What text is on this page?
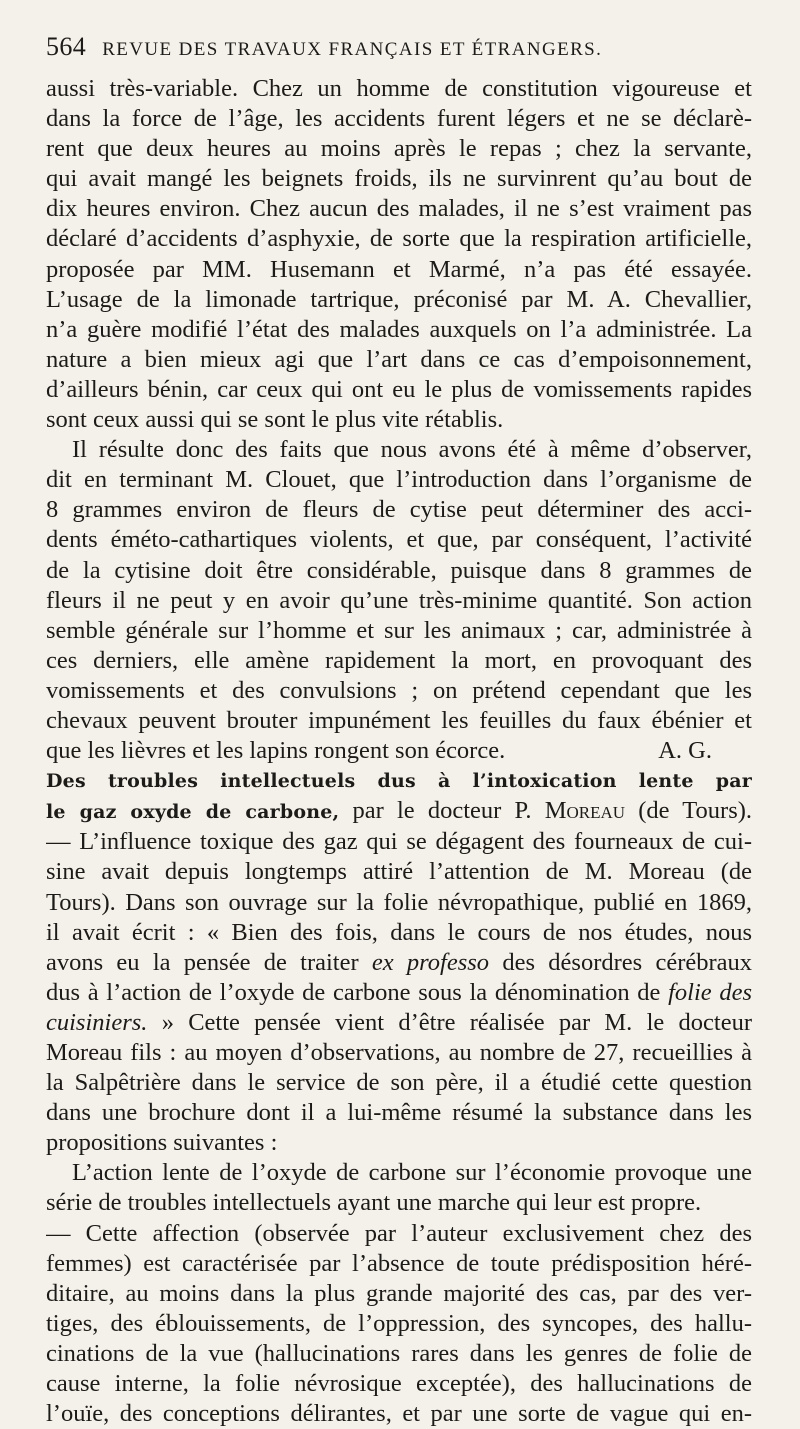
564 REVUE DES TRAVAUX FRANÇAIS ET ÉTRANGERS.
aussi très-variable. Chez un homme de constitution vigoureuse et
dans la force de l’âge, les accidents furent légers et ne se déclarè-
rent que deux heures au moins après le repas ; chez la servante,
qui avait mangé les beignets froids, ils ne survinrent qu’au bout de
dix heures environ. Chez aucun des malades, il ne s’est vraiment pas
déclaré d’accidents d’asphyxie, de sorte que la respiration artificielle,
proposée par MM. Husemann et Marmé, n’a pas été essayée.
L’usage de la limonade tartrique, préconisé par M. A. Chevallier,
n’a guère modifié l’état des malades auxquels on l’a administrée. La
nature a bien mieux agi que l’art dans ce cas d’empoisonnement,
d’ailleurs bénin, car ceux qui ont eu le plus de vomissements rapides
sont ceux aussi qui se sont le plus vite rétablis.
Il résulte donc des faits que nous avons été à même d’observer,
dit en terminant M. Clouet, que l’introduction dans l’organisme de
8 grammes environ de fleurs de cytise peut déterminer des acci-
dents éméto-cathartiques violents, et que, par conséquent, l’activité
de la cytisine doit être considérable, puisque dans 8 grammes de
fleurs il ne peut y en avoir qu’une très-minime quantité. Son action
semble générale sur l’homme et sur les animaux ; car, administrée à
ces derniers, elle amène rapidement la mort, en provoquant des
vomissements et des convulsions ; on prétend cependant que les
chevaux peuvent brouter impunément les feuilles du faux ébénier et
que les lièvres et les lapins rongent son écorce.	A. G.
Des troubles intellectuels dus à l’intoxication lente par
le gaz oxyde de carbone, par le docteur P. Moreau (de Tours).
— L’influence toxique des gaz qui se dégagent des fourneaux de cui-
sine avait depuis longtemps attiré l’attention de M. Moreau (de
Tours). Dans son ouvrage sur la folie névropathique, publié en 1869,
il avait écrit : « Bien des fois, dans le cours de nos études, nous
avons eu la pensée de traiter ex professo des désordres cérébraux
dus à l’action de l’oxyde de carbone sous la dénomination de folie des
cuisiniers. » Cette pensée vient d’être réalisée par M. le docteur
Moreau fils : au moyen d’observations, au nombre de 27, recueillies à
la Salpêtrière dans le service de son père, il a étudié cette question
dans une brochure dont il a lui-même résumé la substance dans les
propositions suivantes :
L’action lente de l’oxyde de carbone sur l’économie provoque une
série de troubles intellectuels ayant une marche qui leur est propre.
— Cette affection (observée par l’auteur exclusivement chez des
femmes) est caractérisée par l’absence de toute prédisposition héré-
ditaire, au moins dans la plus grande majorité des cas, par des ver-
tiges, des éblouissements, de l’oppression, des syncopes, des hallu-
cinations de la vue (hallucinations rares dans les genres de folie de
cause interne, la folie névrosique exceptée), des hallucinations de
l’ouïe, des conceptions délirantes, et par une sorte de vague qui en-
